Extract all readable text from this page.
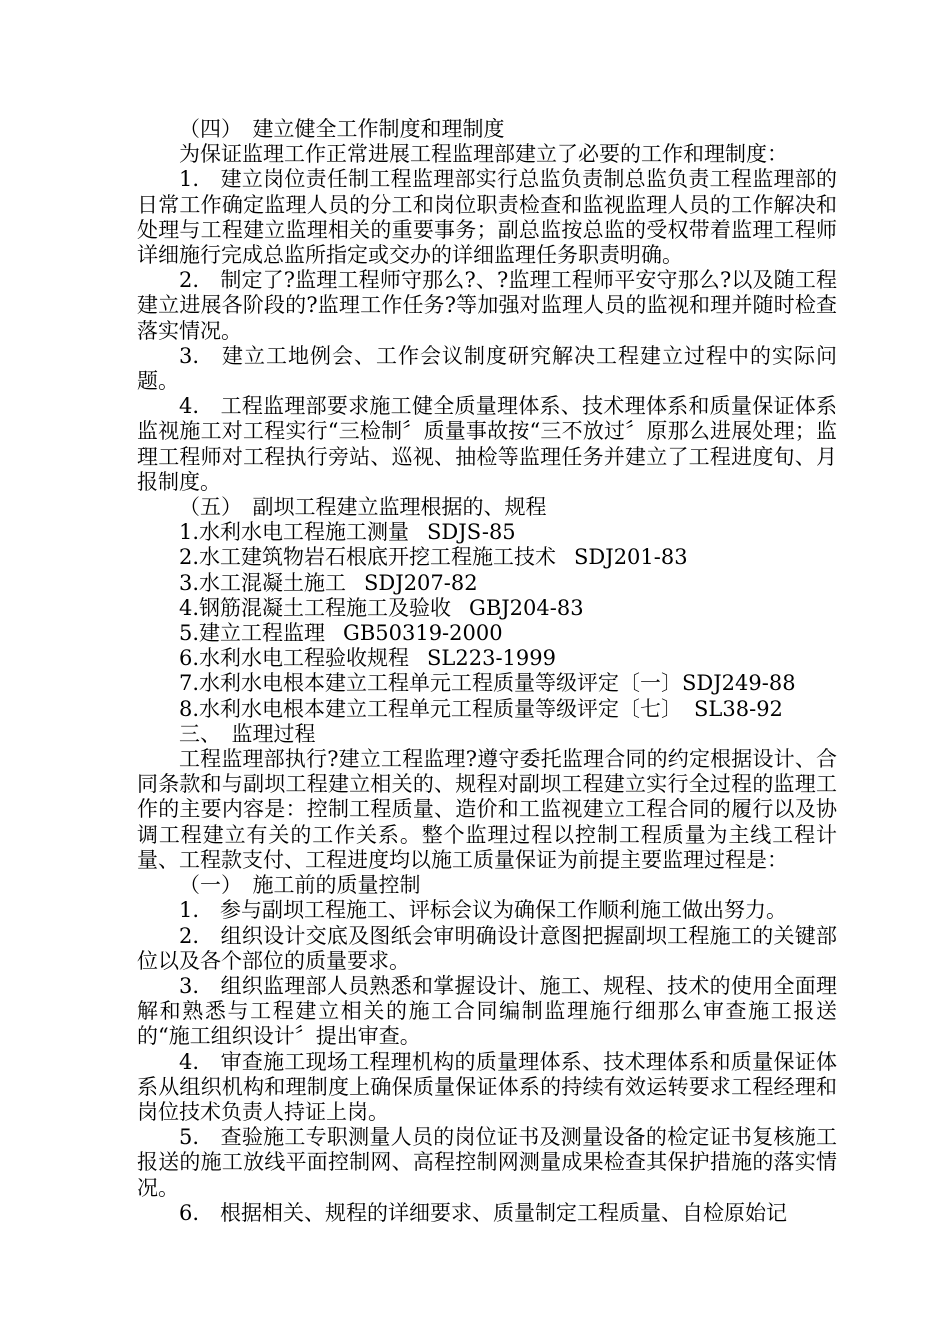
（四）　建立健全工作制度和理制度

为保证监理工作正常进展工程监理部建立了必要的工作和理制度：

1.　建立岗位责任制工程监理部实行总监负责制总监负责工程监理部的日常工作确定监理人员的分工和岗位职责检查和监视监理人员的工作解决和处理与工程建立监理相关的重要事务；副总监按总监的受权带着监理工程师详细施行完成总监所指定或交办的详细监理任务职责明确。

2.　制定了?监理工程师守那么?、?监理工程师平安守那么?以及随工程建立进展各阶段的?监理工作任务?等加强对监理人员的监视和理并随时检查落实情况。

3.　建立工地例会、工作会议制度研究解决工程建立过程中的实际问题。

4.　工程监理部要求施工健全质量理体系、技术理体系和质量保证体系监视施工对工程实行“三检制〞质量事故按“三不放过〞原那么进展处理；监理工程师对工程执行旁站、巡视、抽检等监理任务并建立了工程进度旬、月报制度。

（五）　副坝工程建立监理根据的、规程

1.水利水电工程施工测量 SDJS-85

2.水工建筑物岩石根底开挖工程施工技术 SDJ201-83

3.水工混凝土施工 SDJ207-82

4.钢筋混凝土工程施工及验收 GBJ204-83

5.建立工程监理 GB50319-2000

6.水利水电工程验收规程 SL223-1999

7.水利水电根本建立工程单元工程质量等级评定〔一〕SDJ249-88

8.水利水电根本建立工程单元工程质量等级评定〔七〕 SL38-92

三、　监理过程

工程监理部执行?建立工程监理?遵守委托监理合同的约定根据设计、合同条款和与副坝工程建立相关的、规程对副坝工程建立实行全过程的监理工作的主要内容是：控制工程质量、造价和工监视建立工程合同的履行以及协调工程建立有关的工作关系。整个监理过程以控制工程质量为主线工程计量、工程款支付、工程进度均以施工质量保证为前提主要监理过程是：

（一）　施工前的质量控制

1.　参与副坝工程施工、评标会议为确保工作顺利施工做出努力。

2.　组织设计交底及图纸会审明确设计意图把握副坝工程施工的关键部位以及各个部位的质量要求。

3.　组织监理部人员熟悉和掌握设计、施工、规程、技术的使用全面理解和熟悉与工程建立相关的施工合同编制监理施行细那么审查施工报送的“施工组织设计〞提出审查。

4.　审查施工现场工程理机构的质量理体系、技术理体系和质量保证体系从组织机构和理制度上确保质量保证体系的持续有效运转要求工程经理和岗位技术负责人持证上岗。

5.　查验施工专职测量人员的岗位证书及测量设备的检定证书复核施工报送的施工放线平面控制网、高程控制网测量成果检查其保护措施的落实情况。

6.　根据相关、规程的详细要求、质量制定工程质量、自检原始记
